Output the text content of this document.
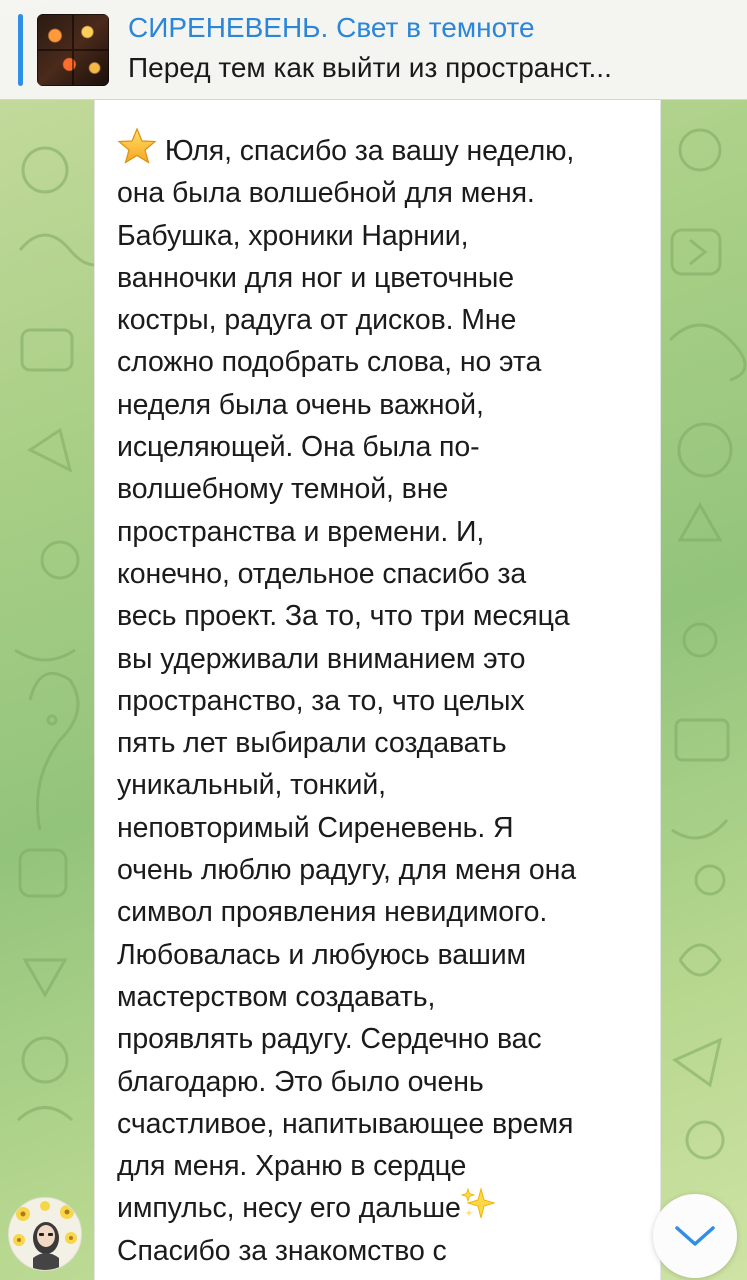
СИРЕНЕВЕНЬ. Свет в темноте
Перед тем как выйти из пространст...
Юля, спасибо за вашу неделю,
она была волшебной для меня.
Бабушка, хроники Нарнии,
ванночки для ног и цветочные
костры, радуга от дисков. Мне
сложно подобрать слова, но эта
неделя была очень важной,
исцеляющей. Она была по-
волшебному темной, вне
пространства и времени. И,
конечно, отдельное спасибо за
весь проект. За то, что три месяца
вы удерживали вниманием это
пространство, за то, что целых
пять лет выбирали создавать
уникальный, тонкий,
неповторимый Сиреневень. Я
очень люблю радугу, для меня она
символ проявления невидимого.
Любовалась и любуюсь вашим
мастерством создавать,
проявлять радугу. Сердечно вас
благодарю. Это было очень
счастливое, напитывающее время
для меня. Храню в сердце
импульс, несу его дальше
Спасибо за знакомство с
